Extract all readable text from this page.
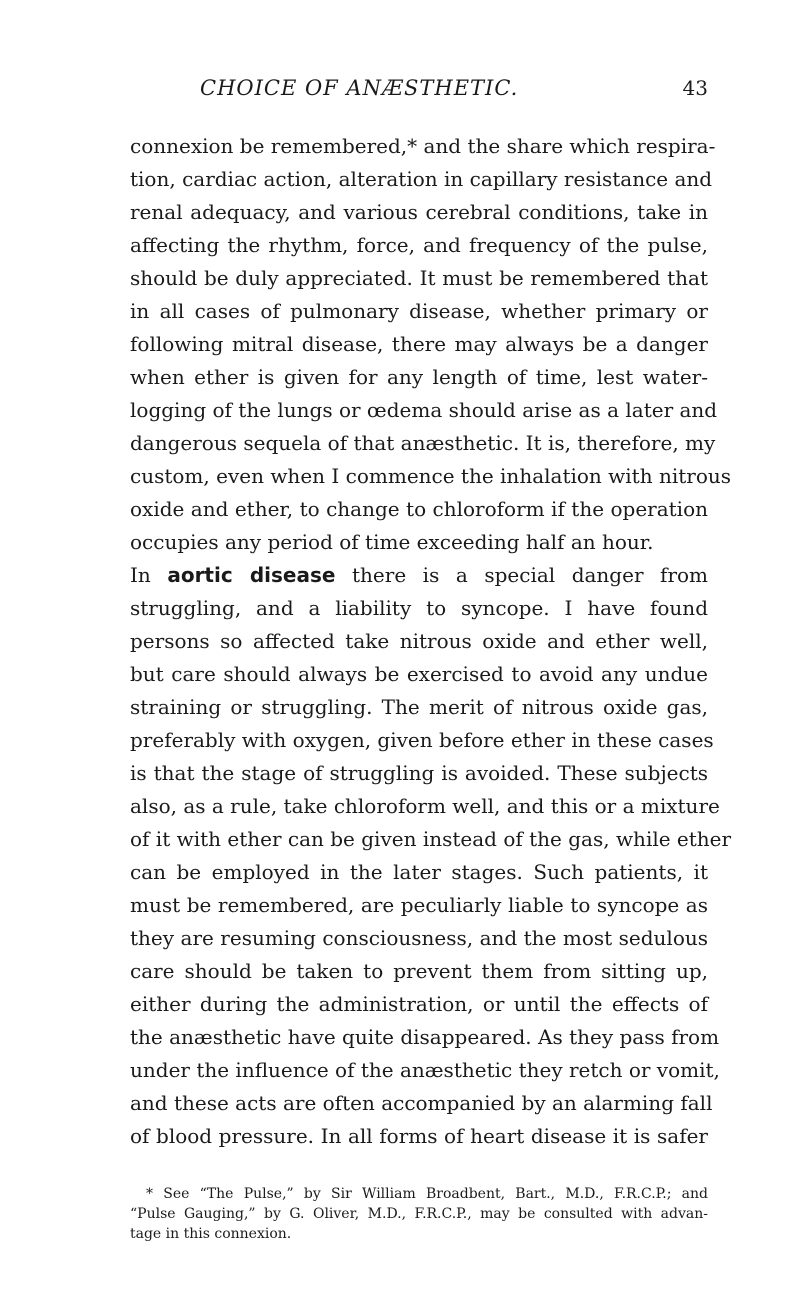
CHOICE OF ANÆSTHETIC.	43
connexion be remembered,* and the share which respira-
tion, cardiac action, alteration in capillary resistance and
renal adequacy, and various cerebral conditions, take in
affecting the rhythm, force, and frequency of the pulse,
should be duly appreciated. It must be remembered that
in all cases of pulmonary disease, whether primary or
following mitral disease, there may always be a danger
when ether is given for any length of time, lest water-
logging of the lungs or œdema should arise as a later and
dangerous sequela of that anæsthetic. It is, therefore, my
custom, even when I commence the inhalation with nitrous
oxide and ether, to change to chloroform if the operation
occupies any period of time exceeding half an hour.
In aortic disease there is a special danger from
struggling, and a liability to syncope. I have found
persons so affected take nitrous oxide and ether well,
but care should always be exercised to avoid any undue
straining or struggling. The merit of nitrous oxide gas,
preferably with oxygen, given before ether in these cases
is that the stage of struggling is avoided. These subjects
also, as a rule, take chloroform well, and this or a mixture
of it with ether can be given instead of the gas, while ether
can be employed in the later stages. Such patients, it
must be remembered, are peculiarly liable to syncope as
they are resuming consciousness, and the most sedulous
care should be taken to prevent them from sitting up,
either during the administration, or until the effects of
the anæsthetic have quite disappeared. As they pass from
under the influence of the anæsthetic they retch or vomit,
and these acts are often accompanied by an alarming fall
of blood pressure. In all forms of heart disease it is safer
* See “The Pulse,” by Sir William Broadbent, Bart., M.D., F.R.C.P.; and
“Pulse Gauging,” by G. Oliver, M.D., F.R.C.P., may be consulted with advan-
tage in this connexion.
